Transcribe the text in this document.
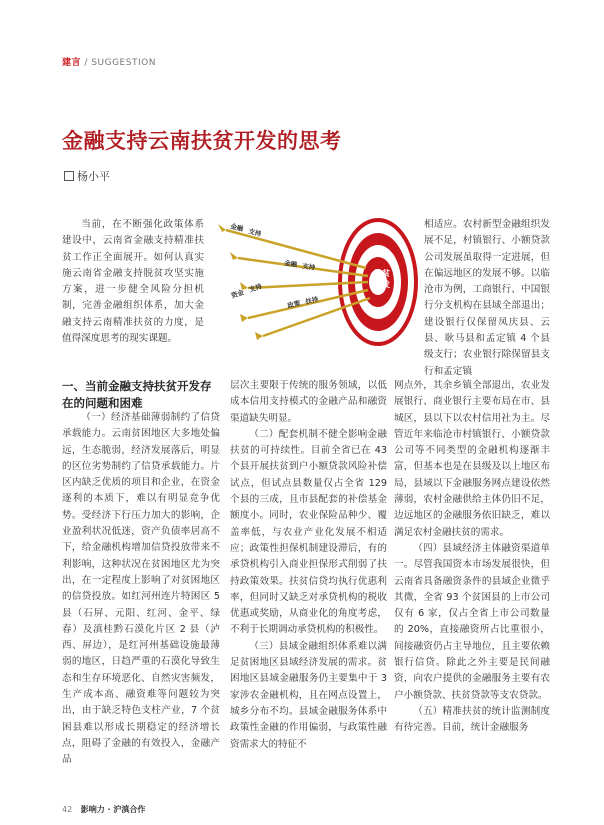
建言 / SUGGESTION
金融支持云南扶贫开发的思考
杨小平

当前，在不断强化政策体系建设中，云南省金融支持精准扶贫工作正全面展开。如何认真实施云南省金融支持脱贫攻坚实施方案，进一步健全风险分担机制，完善金融组织体系，加大金融支持云南精准扶贫的力度，是值得深度思考的现实课题。

扶贫
开发
金融 支持
金融 支持
政策 扶持
资金
支持

相适应。农村新型金融组织发展不足，村镇银行、小额贷款公司发展虽取得一定进展，但在偏远地区的发展不够。以临沧市为例，工商银行、中国银行分支机构在县域全部退出；建设银行仅保留凤庆县、云县、耿马县和孟定镇 4 个县级支行；农业银行除保留县支行和孟定镇

一、当前金融支持扶贫开发存在的问题和困难

（一）经济基础薄弱制约了信贷承载能力。云南贫困地区大多地处偏远，生态脆弱，经济发展落后，明显的区位劣势制约了信贷承载能力。片区内缺乏优质的项目和企业，在资金逐利的本质下，难以有明显竞争优势。受经济下行压力加大的影响，企业盈利状况低迷，资产负债率居高不下，给金融机构增加信贷投放带来不利影响，这种状况在贫困地区尤为突出，在一定程度上影响了对贫困地区的信贷投放。如红河州连片特困区 5 县（石屏、元阳、红河、金平、绿春）及滇桂黔石漠化片区 2 县（泸西、屏边），是红河州基础设施最薄弱的地区，日趋严重的石漠化导致生态和生存环境恶化、自然灾害频发，生产成本高、融资难等问题较为突出，由于缺乏特色支柱产业，7 个贫困县难以形成长期稳定的经济增长点，阻碍了金融的有效投入，金融产品

层次主要限于传统的服务领域，以低成本信用支持模式的金融产品和融资渠道缺失明显。

（二）配套机制不健全影响金融扶贫的可持续性。目前全省已在 43 个县开展扶贫到户小额贷款风险补偿试点，但试点县数量仅占全省 129 个县的三成，且市县配套的补偿基金额度小。同时，农业保险品种少、覆盖率低，与农业产业化发展不相适应；政策性担保机制建设滞后，有的承贷机构引入商业担保形式削弱了扶持政策效果。扶贫信贷均执行优惠利率，但同时又缺乏对承贷机构的税收优惠或奖励，从商业化的角度考虑，不利于长期调动承贷机构的积极性。

（三）县域金融组织体系难以满足贫困地区县域经济发展的需求。贫困地区县域金融服务仍主要集中于 3 家涉农金融机构，且在网点设置上，城乡分布不均。县域金融服务体系中政策性金融的作用偏弱，与政策性融资需求大的特征不

网点外，其余乡镇全部退出，农业发展银行、商业银行主要布局在市、县城区，县以下以农村信用社为主。尽管近年来临沧市村镇银行、小额贷款公司等不同类型的金融机构逐渐丰富，但基本也是在县级及以上地区布局，县域以下金融服务网点建设依然薄弱，农村金融供给主体仍旧不足，边远地区的金融服务依旧缺乏，难以满足农村金融扶贫的需求。

（四）县域经济主体融资渠道单一。尽管我国资本市场发展很快，但云南省具备融资条件的县域企业微乎其微，全省 93 个贫困县的上市公司仅有 6 家，仅占全省上市公司数量的 20%，直接融资所占比重很小，间接融资仍占主导地位，且主要依赖银行信贷。除此之外主要是民间融资，向农户提供的金融服务主要有农户小额贷款、扶贫贷款等支农贷款。

（五）精准扶贫的统计监测制度有待完善。目前，统计金融服务

42 影响力 · 沪滇合作
